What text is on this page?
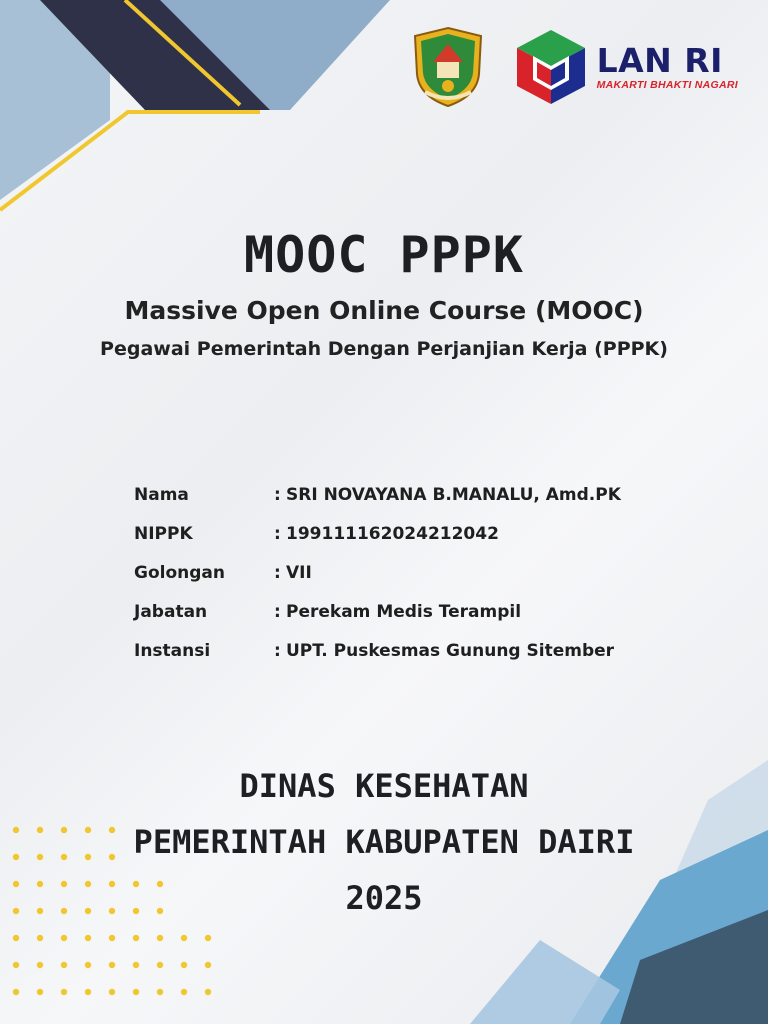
LAN RI
MAKARTI BHAKTI NAGARI
MOOC PPPK
Massive Open Online Course (MOOC)
Pegawai Pemerintah Dengan Perjanjian Kerja (PPPK)
Nama	: SRI NOVAYANA B.MANALU, Amd.PK
NIPPK	: 199111162024212042
Golongan	: VII
Jabatan	: Perekam Medis Terampil
Instansi	: UPT. Puskesmas Gunung Sitember
DINAS KESEHATAN
PEMERINTAH KABUPATEN DAIRI
2025
